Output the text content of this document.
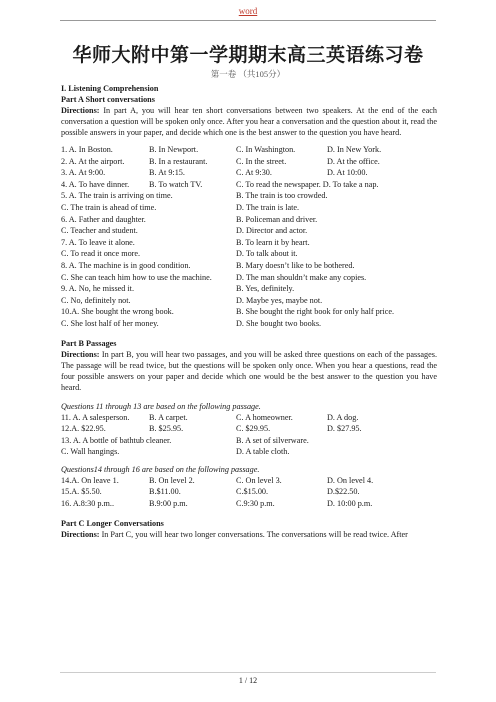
word
华师大附中第一学期期末高三英语练习卷
第一卷 （共105分）
I. Listening Comprehension
Part A Short conversations
Directions: In part A, you will hear ten short conversations between two speakers. At the end of the each conversation a question will be spoken only once. After you hear a conversation and the question about it, read the possible answers in your paper, and decide which one is the best answer to the question you have heard.
1. A. In Boston.	B. In Newport.	C. In Washington.	D. In New York.
2. A. At the airport.	B. In a restaurant.	C. In the street.	D. At the office.
3. A. At 9:00.	B. At 9:15.	C. At 9:30.	D. At 10:00.
4. A. To have dinner. B. To watch TV.	C. To read the newspaper. D. To take a nap.
5. A. The train is arriving on time.	B. The train is too crowded.
C. The train is ahead of time.	D. The train is late.
6. A. Father and daughter.	B. Policeman and driver.
C. Teacher and student.	D. Director and actor.
7. A. To leave it alone.	B. To learn it by heart.
C. To read it once more.	D. To talk about it.
8. A. The machine is in good condition.	B. Mary doesn’t like to be bothered.
C. She can teach him how to use the machine.	D. The man shouldn’t make any copies.
9. A. No, he missed it.	B. Yes, definitely.
C. No, definitely not.	D. Maybe yes, maybe not.
10.A. She bought the wrong book.	B. She bought the right book for only half price.
C. She lost half of her money.	D. She bought two books.
Part B Passages
Directions: In part B, you will hear two passages, and you will be asked three questions on each of the passages. The passage will be read twice, but the questions will be spoken only once. When you hear a questions, read the four possible answers on your paper and decide which one would be the best answer to the question you have heard.
Questions 11 through 13 are based on the following passage.
11. A. A salesperson. B. A carpet.	C. A homeowner.	D. A dog.
12.A. $22.95.	B. $25.95.	C. $29.95.	D. $27.95.
13. A. A bottle of bathtub cleaner.	B. A set of silverware.
C. Wall hangings.	D. A table cloth.
Questions14 through 16 are based on the following passage.
14.A. On leave 1.	B. On level 2.	C. On level 3.	D. On level 4.
15.A. $5.50.	B.$11.00.	C.$15.00.	D.$22.50.
16. A.8:30 p.m..	B.9:00 p.m.	C.9:30 p.m.	D. 10:00 p.m.
Part C Longer Conversations
Directions: In Part C, you will hear two longer conversations. The conversations will be read twice. After
1 / 12
